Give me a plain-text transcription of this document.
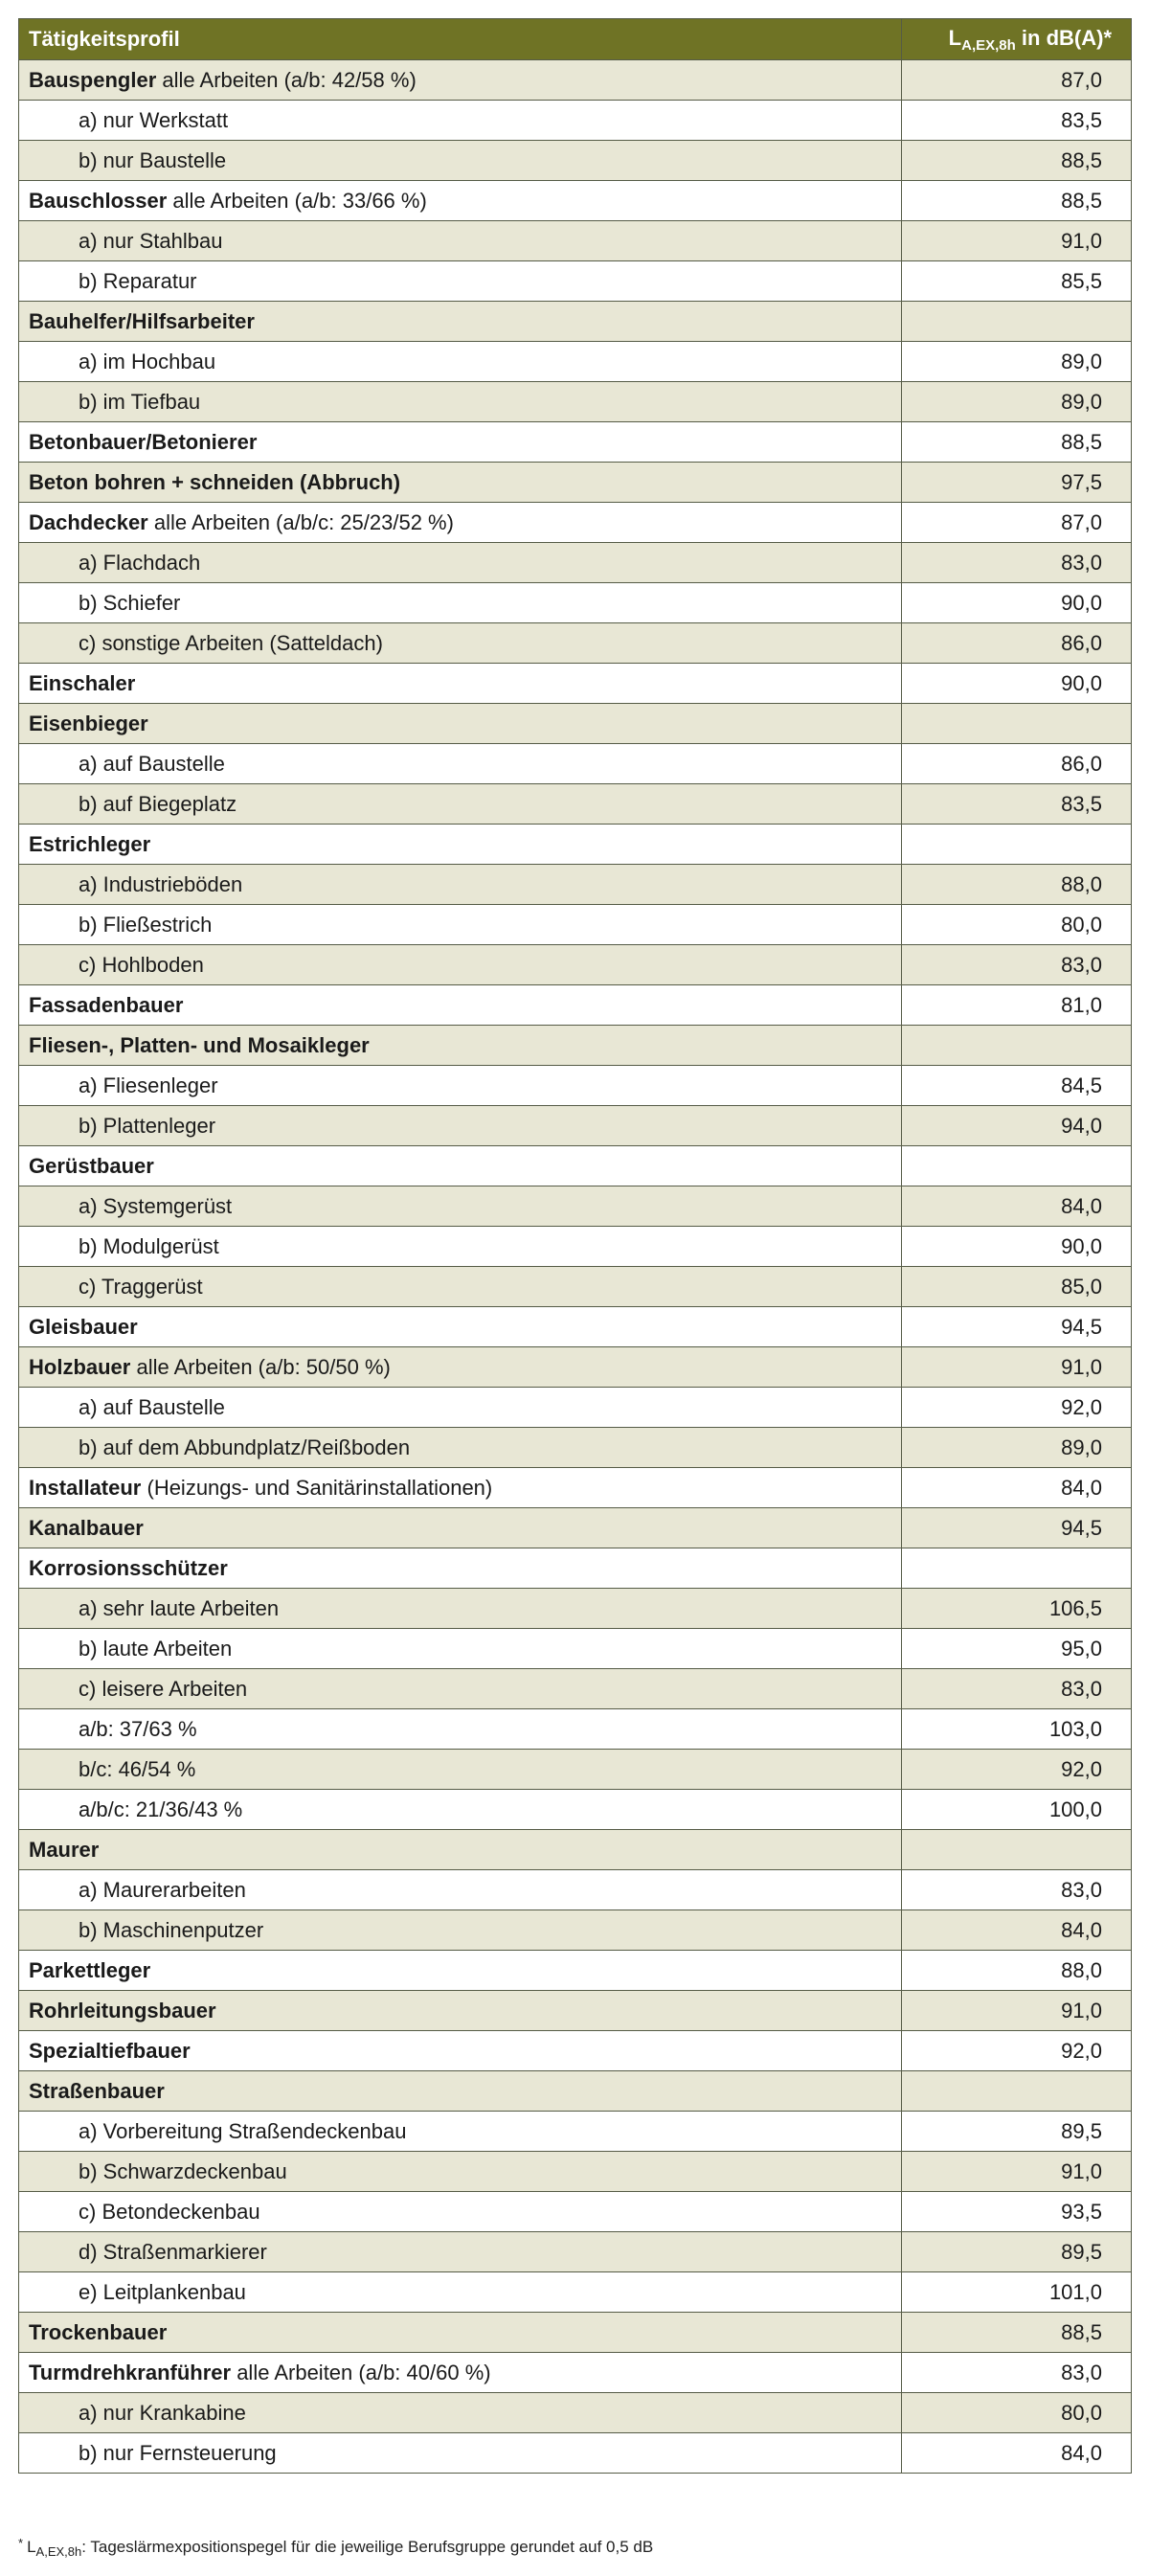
Tätigkeitsprofil	$L_{A,EX,8h}$ in dB(A)*
Bauspengler alle Arbeiten (a/b: 42/58 %)	87,0
a) nur Werkstatt	83,5
b) nur Baustelle	88,5
Bauschlosser alle Arbeiten (a/b: 33/66 %)	88,5
a) nur Stahlbau	91,0
b) Reparatur	85,5
Bauhelfer/Hilfsarbeiter	
a) im Hochbau	89,0
b) im Tiefbau	89,0
Betonbauer/Betonierer	88,5
Beton bohren + schneiden (Abbruch)	97,5
Dachdecker alle Arbeiten (a/b/c: 25/23/52 %)	87,0
a) Flachdach	83,0
b) Schiefer	90,0
c) sonstige Arbeiten (Satteldach)	86,0
Einschaler	90,0
Eisenbieger	
a) auf Baustelle	86,0
b) auf Biegeplatz	83,5
Estrichleger	
a) Industrieböden	88,0
b) Fließestrich	80,0
c) Hohlboden	83,0
Fassadenbauer	81,0
Fliesen-, Platten- und Mosaikleger	
a) Fliesenleger	84,5
b) Plattenleger	94,0
Gerüstbauer	
a) Systemgerüst	84,0
b) Modulgerüst	90,0
c) Traggerüst	85,0
Gleisbauer	94,5
Holzbauer alle Arbeiten (a/b: 50/50 %)	91,0
a) auf Baustelle	92,0
b) auf dem Abbundplatz/Reißboden	89,0
Installateur (Heizungs- und Sanitärinstallationen)	84,0
Kanalbauer	94,5
Korrosionsschützer	
a) sehr laute Arbeiten	106,5
b) laute Arbeiten	95,0
c) leisere Arbeiten	83,0
a/b: 37/63 %	103,0
b/c: 46/54 %	92,0
a/b/c: 21/36/43 %	100,0
Maurer	
a) Maurerarbeiten	83,0
b) Maschinenputzer	84,0
Parkettleger	88,0
Rohrleitungsbauer	91,0
Spezialtiefbauer	92,0
Straßenbauer	
a) Vorbereitung Straßendeckenbau	89,5
b) Schwarzdeckenbau	91,0
c) Betondeckenbau	93,5
d) Straßenmarkierer	89,5
e) Leitplankenbau	101,0
Trockenbauer	88,5
Turmdrehkranführer alle Arbeiten (a/b: 40/60 %)	83,0
a) nur Krankabine	80,0
b) nur Fernsteuerung	84,0
* $L_{A,EX,8h}$: Tageslärmexpositionspegel für die jeweilige Berufsgruppe gerundet auf 0,5 dB
